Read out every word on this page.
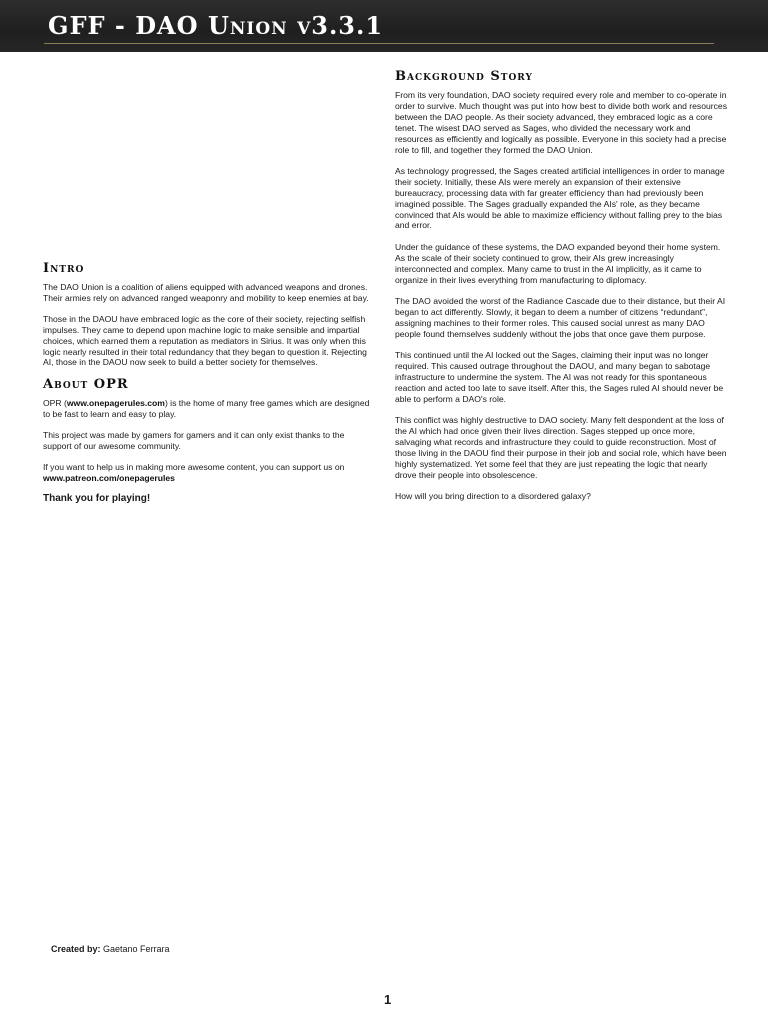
GFF - DAO Union v3.3.1
Intro

The DAO Union is a coalition of aliens equipped with advanced weapons and drones. Their armies rely on advanced ranged weaponry and mobility to keep enemies at bay.

Those in the DAOU have embraced logic as the core of their society, rejecting selfish impulses. They came to depend upon machine logic to make sensible and impartial choices, which earned them a reputation as mediators in Sirius. It was only when this logic nearly resulted in their total redundancy that they began to question it. Rejecting AI, those in the DAOU now seek to build a better society for themselves.

About OPR

OPR (www.onepagerules.com) is the home of many free games which are designed to be fast to learn and easy to play.

This project was made by gamers for gamers and it can only exist thanks to the support of our awesome community.

If you want to help us in making more awesome content, you can support us on www.patreon.com/onepagerules

Thank you for playing!

Background Story

From its very foundation, DAO society required every role and member to co-operate in order to survive. Much thought was put into how best to divide both work and resources between the DAO people. As their society advanced, they embraced logic as a core tenet. The wisest DAO served as Sages, who divided the necessary work and resources as efficiently and logically as possible. Everyone in this society had a precise role to fill, and together they formed the DAO Union.

As technology progressed, the Sages created artificial intelligences in order to manage their society. Initially, these AIs were merely an expansion of their extensive bureaucracy, processing data with far greater efficiency than had previously been imagined possible. The Sages gradually expanded the AIs' role, as they became convinced that AIs would be able to maximize efficiency without falling prey to the bias and error.

Under the guidance of these systems, the DAO expanded beyond their home system. As the scale of their society continued to grow, their AIs grew increasingly interconnected and complex. Many came to trust in the AI implicitly, as it came to organize in their lives everything from manufacturing to diplomacy.

The DAO avoided the worst of the Radiance Cascade due to their distance, but their AI began to act differently. Slowly, it began to deem a number of citizens “redundant”, assigning machines to their former roles. This caused social unrest as many DAO people found themselves suddenly without the jobs that once gave them purpose.

This continued until the AI locked out the Sages, claiming their input was no longer required. This caused outrage throughout the DAOU, and many began to sabotage infrastructure to undermine the system. The AI was not ready for this spontaneous reaction and acted too late to save itself. After this, the Sages ruled AI should never be able to perform a DAO's role.

This conflict was highly destructive to DAO society. Many felt despondent at the loss of the AI which had once given their lives direction. Sages stepped up once more, salvaging what records and infrastructure they could to guide reconstruction. Most of those living in the DAOU find their purpose in their job and social role, which have been highly systematized. Yet some feel that they are just repeating the logic that nearly drove their people into obsolescence.

How will you bring direction to a disordered galaxy?

Created by: Gaetano Ferrara
1
